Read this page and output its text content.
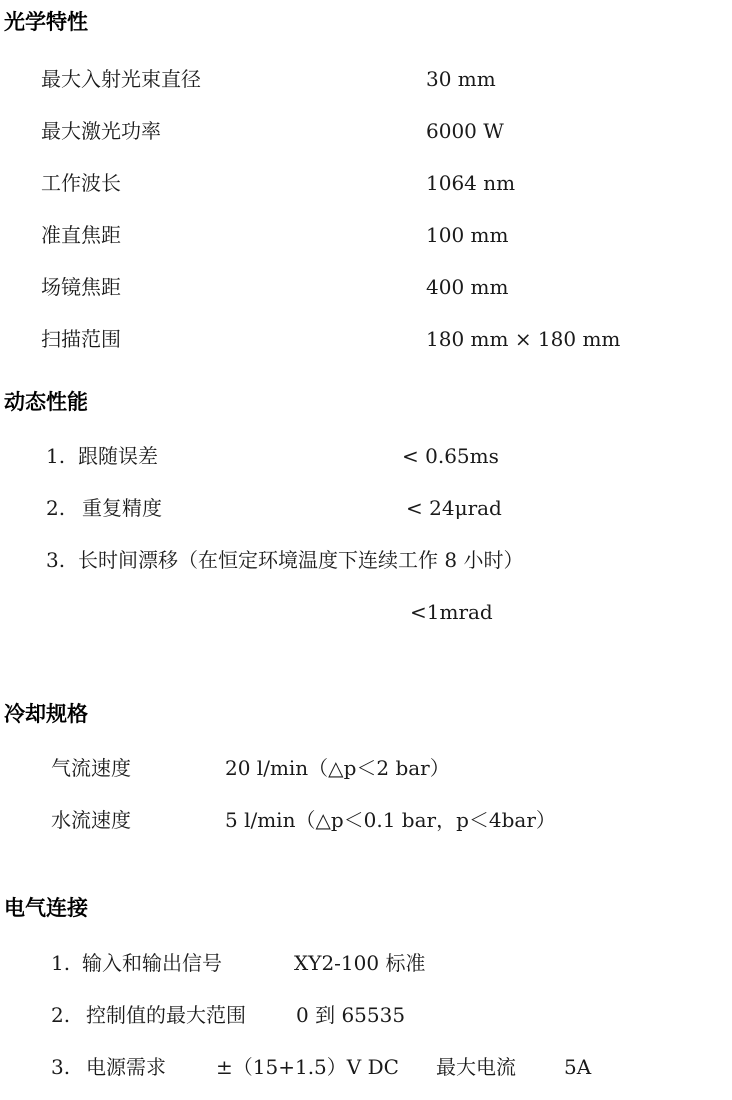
光学特性
最大入射光束直径	30 mm
最大激光功率	6000 W
工作波长	1064 nm
准直焦距	100 mm
场镜焦距	400 mm
扫描范围	180 mm × 180 mm
动态性能
1. 跟随误差	< 0.65ms
2. 重复精度	< 24μrad
3. 长时间漂移（在恒定环境温度下连续工作 8 小时）
<1mrad
冷却规格
气流速度	20 l/min（△p＜2 bar）
水流速度	5 l/min（△p＜0.1 bar，p＜4bar）
电气连接
1. 输入和输出信号	XY2-100 标准
2. 控制值的最大范围	0 到 65535
3. 电源需求	±（15+1.5）V DC 最大电流 5A
